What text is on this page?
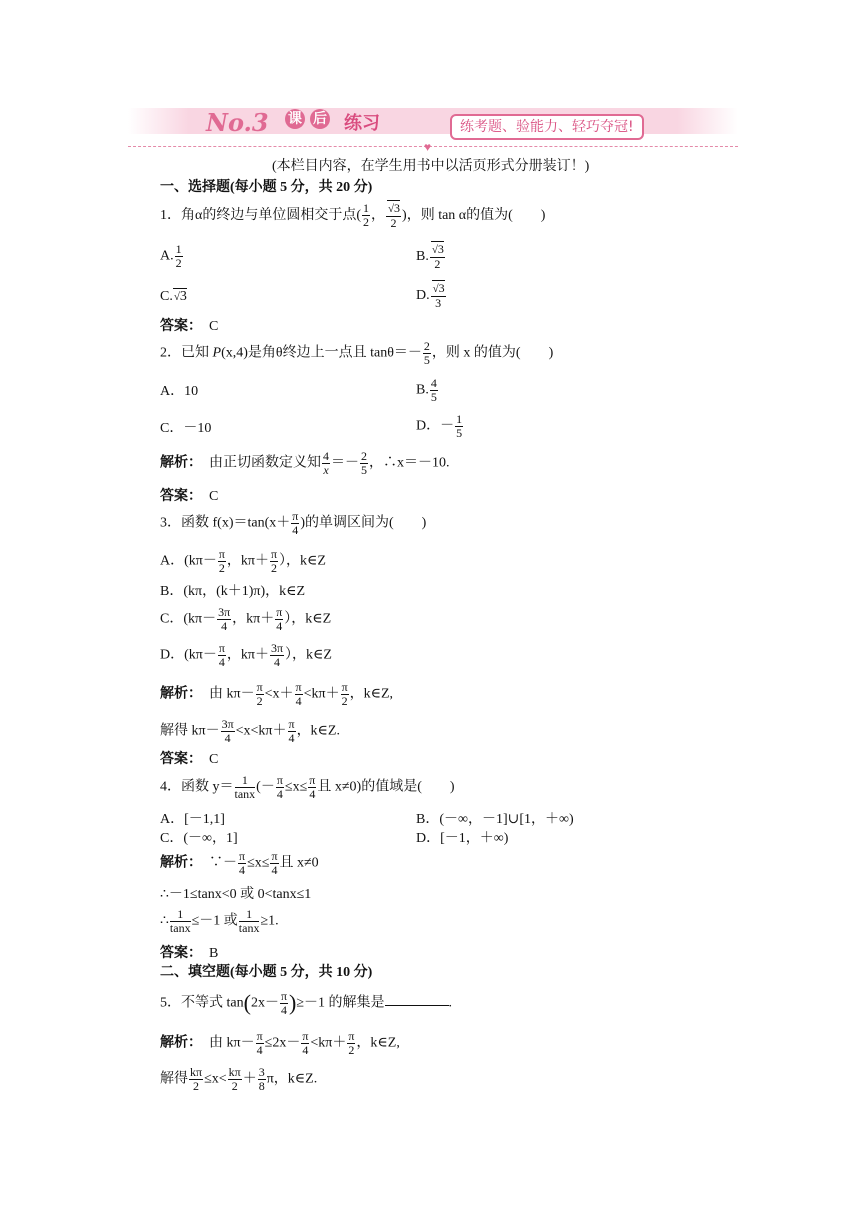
No.3 课 后 练习	练考题、验能力、轻巧夺冠!
♥
(本栏目内容，在学生用书中以活页形式分册装订！)
一、选择题(每小题 5 分，共 20 分)
1．角α的终边与单位圆相交于点( $\frac{1}{2}$ ， √ $\frac{3}{2}$ )，则 tan α的值为(　　)
A. $\frac{1}{2}$	B. √ $\frac{3}{2}$
C. √ 3	D. √ $\frac{3}{3}$
答案：　 C
2．已知 P(x,4)是角θ终边上一点且 $\tan\theta=- \frac{2}{5}$ ，则 x 的值为(　　)
A．10	B. $\frac{4}{5}$
C．－10	D．－ $\frac{1}{5}$
解析：　 由正切函数定义知 $\frac{4}{x} =- \frac{2}{5}$ ，∴x＝－10.
答案：　 C
3．函数 $f(x)=\tan(x+ \frac{\pi}{4}$ )的单调区间为(　　)
A．($k\pi- \frac{\pi}{2}$ ，$k\pi+ \frac{\pi}{2}$ ），k∈Z
B．(kπ，(k＋1)π)，k∈Z
C．($k\pi- \frac{3\pi}{4}$ ，$k\pi+ \frac{\pi}{4}$ ），k∈Z
D．($k\pi- \frac{\pi}{4}$ ，$k\pi+ \frac{3\pi}{4}$ ），k∈Z
解析：　 由 $k\pi- \frac{\pi}{2} <x+ \frac{\pi}{4} <k\pi+ \frac{\pi}{2}$ ，k∈Z,
解得 $k\pi- \frac{3\pi}{4} <x<k\pi+ \frac{\pi}{4}$ ，k∈Z.
答案：　 C
4．函数 $y= \frac{1}{\tan x}$ (－ $\frac{\pi}{4} \le x\le \frac{\pi}{4}$ 且 x≠0)的值域是(　　)
A．[－1,1]	B．(－∞，－1]∪[1，＋∞)
C．(－∞，1]	D．[－1，＋∞)
解析：　 ∵－ $\frac{\pi}{4} \le x\le \frac{\pi}{4}$ 且 x≠0
∴－1≤tanx<0 或 0<tanx≤1
∴ $\frac{1}{\tan x} \le-1$ 或 $\frac{1}{\tan x} \ge 1$.
答案：　 B
二、填空题(每小题 5 分，共 10 分)
5．不等式 $\tan(2x- \frac{\pi}{4} )\ge-1$ 的解集是	.
解析：　 由 $k\pi- \frac{\pi}{4} \le 2x- \frac{\pi}{4} <k\pi+ \frac{\pi}{2}$ ，k∈Z,
解得 $\frac{k\pi}{2} \le x< \frac{k\pi}{2} + \frac{3}{8}$ π，k∈Z.
